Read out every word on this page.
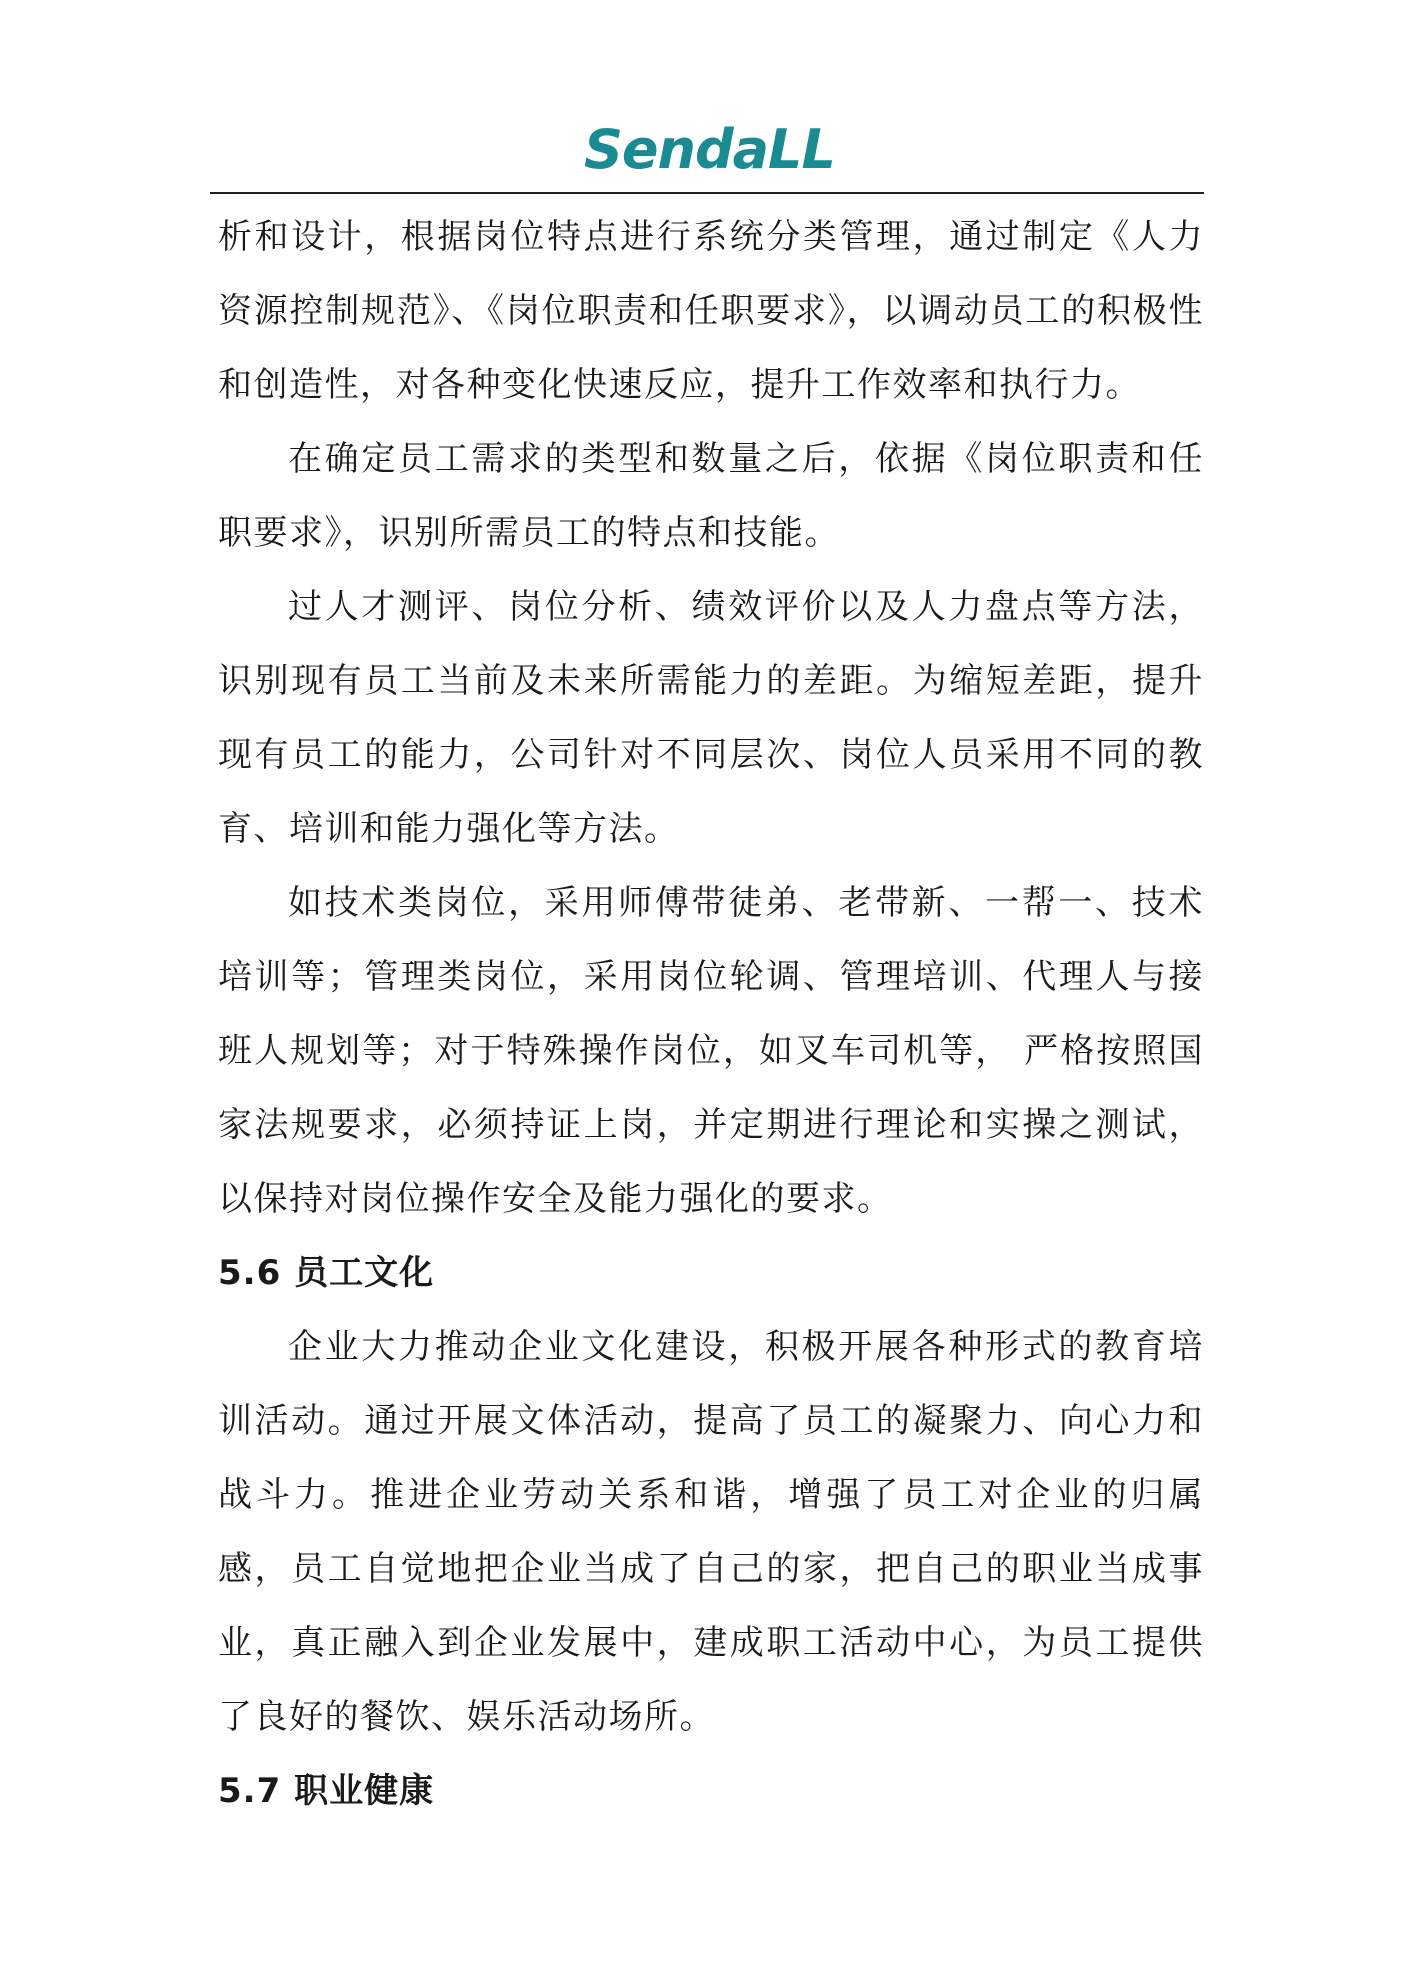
SendaLL

析和设计，根据岗位特点进行系统分类管理，通过制定《人力资源控制规范》、《岗位职责和任职要求》，以调动员工的积极性和创造性，对各种变化快速反应，提升工作效率和执行力。

在确定员工需求的类型和数量之后，依据《岗位职责和任职要求》，识别所需员工的特点和技能。

过人才测评、岗位分析、绩效评价以及人力盘点等方法，识别现有员工当前及未来所需能力的差距。为缩短差距，提升现有员工的能力，公司针对不同层次、岗位人员采用不同的教育、培训和能力强化等方法。

如技术类岗位，采用师傅带徒弟、老带新、一帮一、技术培训等；管理类岗位，采用岗位轮调、管理培训、代理人与接班人规划等；对于特殊操作岗位，如叉车司机等， 严格按照国家法规要求，必须持证上岗，并定期进行理论和实操之测试，以保持对岗位操作安全及能力强化的要求。

5.6 员工文化

企业大力推动企业文化建设，积极开展各种形式的教育培训活动。通过开展文体活动，提高了员工的凝聚力、向心力和战斗力。推进企业劳动关系和谐，增强了员工对企业的归属感，员工自觉地把企业当成了自己的家，把自己的职业当成事业，真正融入到企业发展中，建成职工活动中心，为员工提供了良好的餐饮、娱乐活动场所。

5.7 职业健康
